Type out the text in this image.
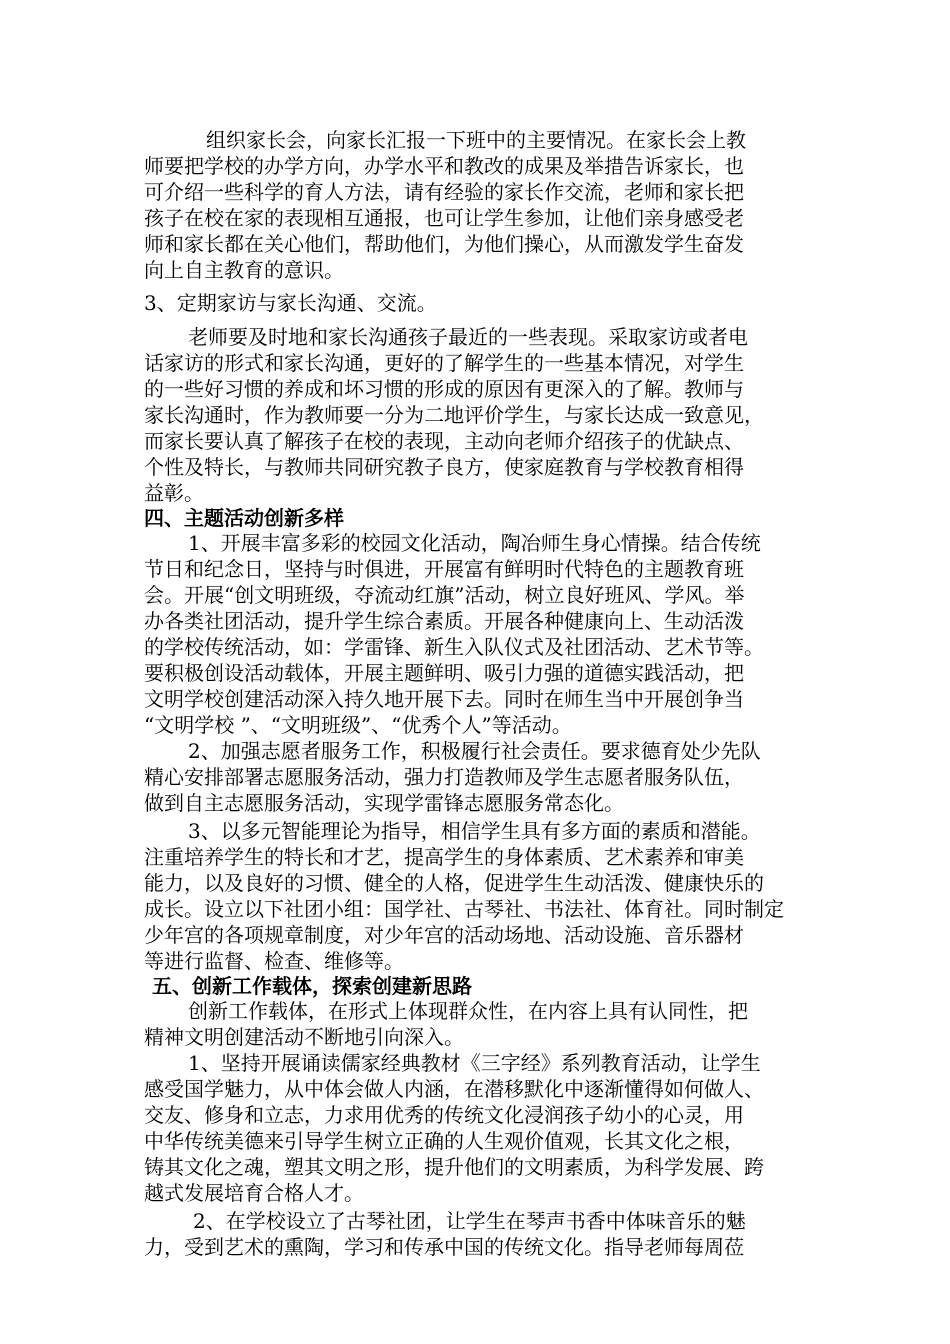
组织家长会，向家长汇报一下班中的主要情况。在家长会上教
师要把学校的办学方向，办学水平和教改的成果及举措告诉家长，也
可介绍一些科学的育人方法，请有经验的家长作交流，老师和家长把
孩子在校在家的表现相互通报，也可让学生参加，让他们亲身感受老
师和家长都在关心他们，帮助他们，为他们操心，从而激发学生奋发
向上自主教育的意识。
3、定期家访与家长沟通、交流。
老师要及时地和家长沟通孩子最近的一些表现。采取家访或者电
话家访的形式和家长沟通，更好的了解学生的一些基本情况，对学生
的一些好习惯的养成和坏习惯的形成的原因有更深入的了解。教师与
家长沟通时，作为教师要一分为二地评价学生，与家长达成一致意见，
而家长要认真了解孩子在校的表现，主动向老师介绍孩子的优缺点、
个性及特长，与教师共同研究教子良方，使家庭教育与学校教育相得
益彰。
四、主题活动创新多样
1、开展丰富多彩的校园文化活动，陶冶师生身心情操。结合传统
节日和纪念日，坚持与时俱进，开展富有鲜明时代特色的主题教育班
会。开展“创文明班级，夺流动红旗”活动，树立良好班风、学风。举
办各类社团活动，提升学生综合素质。开展各种健康向上、生动活泼
的学校传统活动，如：学雷锋、新生入队仪式及社团活动、艺术节等。
要积极创设活动载体，开展主题鲜明、吸引力强的道德实践活动，把
文明学校创建活动深入持久地开展下去。同时在师生当中开展创争当
“文明学校 ”、“文明班级”、“优秀个人”等活动。
2、加强志愿者服务工作，积极履行社会责任。要求德育处少先队
精心安排部署志愿服务活动，强力打造教师及学生志愿者服务队伍，
做到自主志愿服务活动，实现学雷锋志愿服务常态化。
3、以多元智能理论为指导，相信学生具有多方面的素质和潜能。
注重培养学生的特长和才艺，提高学生的身体素质、艺术素养和审美
能力，以及良好的习惯、健全的人格，促进学生生动活泼、健康快乐的
成长。设立以下社团小组：国学社、古琴社、书法社、体育社。同时制定
少年宫的各项规章制度，对少年宫的活动场地、活动设施、音乐器材
等进行监督、检查、维修等。
五、创新工作载体，探索创建新思路
创新工作载体，在形式上体现群众性，在内容上具有认同性，把
精神文明创建活动不断地引向深入。
1、坚持开展诵读儒家经典教材《三字经》系列教育活动，让学生
感受国学魅力，从中体会做人内涵，在潜移默化中逐渐懂得如何做人、
交友、修身和立志，力求用优秀的传统文化浸润孩子幼小的心灵，用
中华传统美德来引导学生树立正确的人生观价值观，长其文化之根，
铸其文化之魂，塑其文明之形，提升他们的文明素质，为科学发展、跨
越式发展培育合格人才。
2、在学校设立了古琴社团，让学生在琴声书香中体味音乐的魅
力，受到艺术的熏陶，学习和传承中国的传统文化。指导老师每周莅
